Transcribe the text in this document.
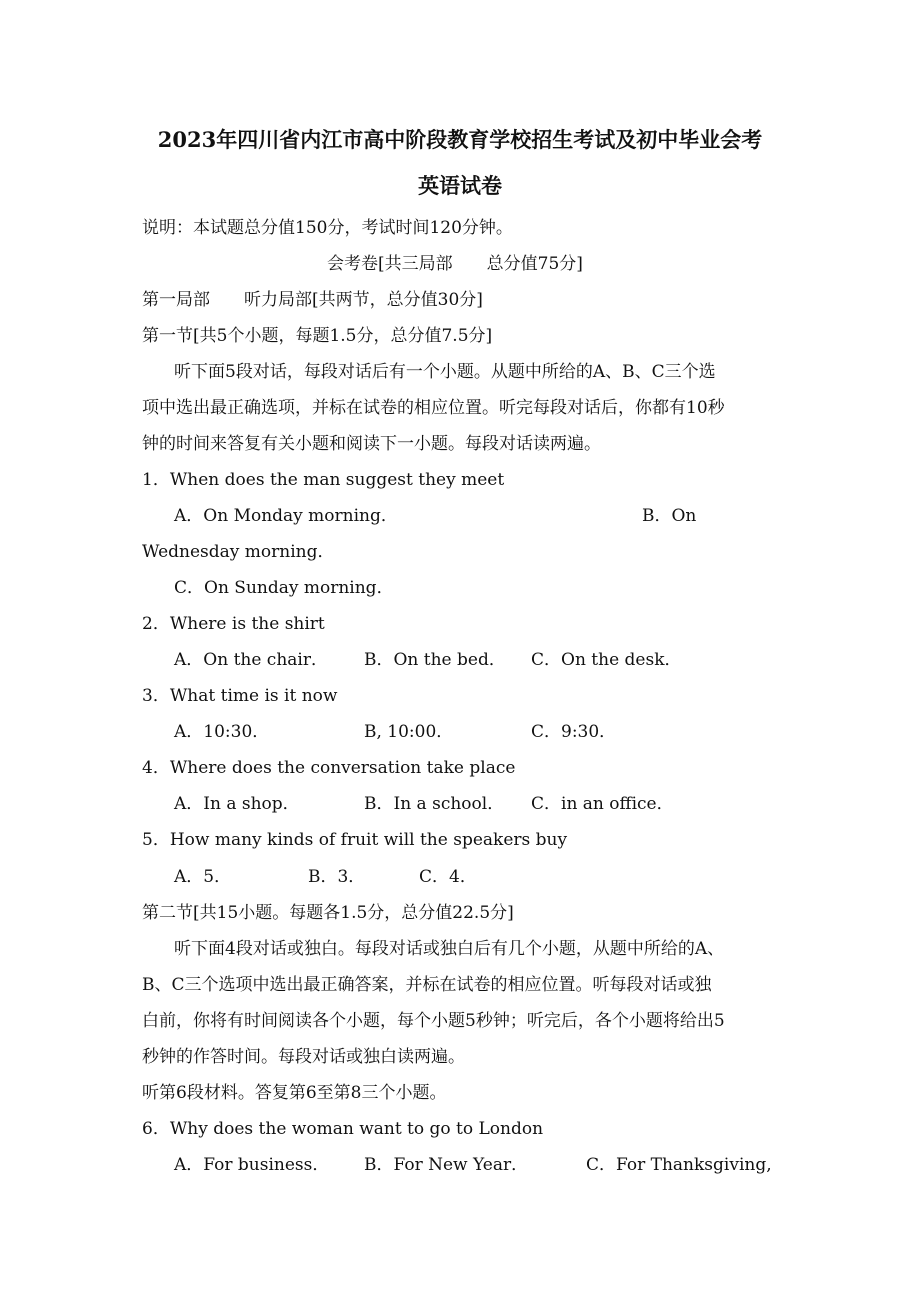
2023年四川省内江市高中阶段教育学校招生考试及初中毕业会考
英语试卷
说明：本试题总分值150分，考试时间120分钟。
会考卷[共三局部　　总分值75分]
第一局部　　听力局部[共两节，总分值30分]
第一节[共5个小题，每题1.5分，总分值7.5分]
听下面5段对话，每段对话后有一个小题。从题中所给的A、B、C三个选
项中选出最正确选项，并标在试卷的相应位置。听完每段对话后，你都有10秒
钟的时间来答复有关小题和阅读下一小题。每段对话读两遍。
1．When does the man suggest they meet
A．On Monday morning．	B．On
Wednesday morning．
C．On Sunday morning．
2．Where is the shirt
A．On the chair． B．On the bed． C．On the desk．
3．What time is it now
A．10:30．	B, 10:00．	C．9:30．
4．Where does the conversation take place
A．In a shop．	B．In a school． C．in an office．
5．How many kinds of fruit will the speakers buy
A．5．	B．3．	C．4．
第二节[共15小题。每题各1.5分，总分值22.5分]
听下面4段对话或独白。每段对话或独白后有几个小题，从题中所给的A、
B、C三个选项中选出最正确答案，并标在试卷的相应位置。听每段对话或独
白前，你将有时间阅读各个小题，每个小题5秒钟；听完后，各个小题将给出5
秒钟的作答时间。每段对话或独白读两遍。
听第6段材料。答复第6至第8三个小题。
6．Why does the woman want to go to London
A．For business． B．For New Year．	C．For Thanksgiving,
